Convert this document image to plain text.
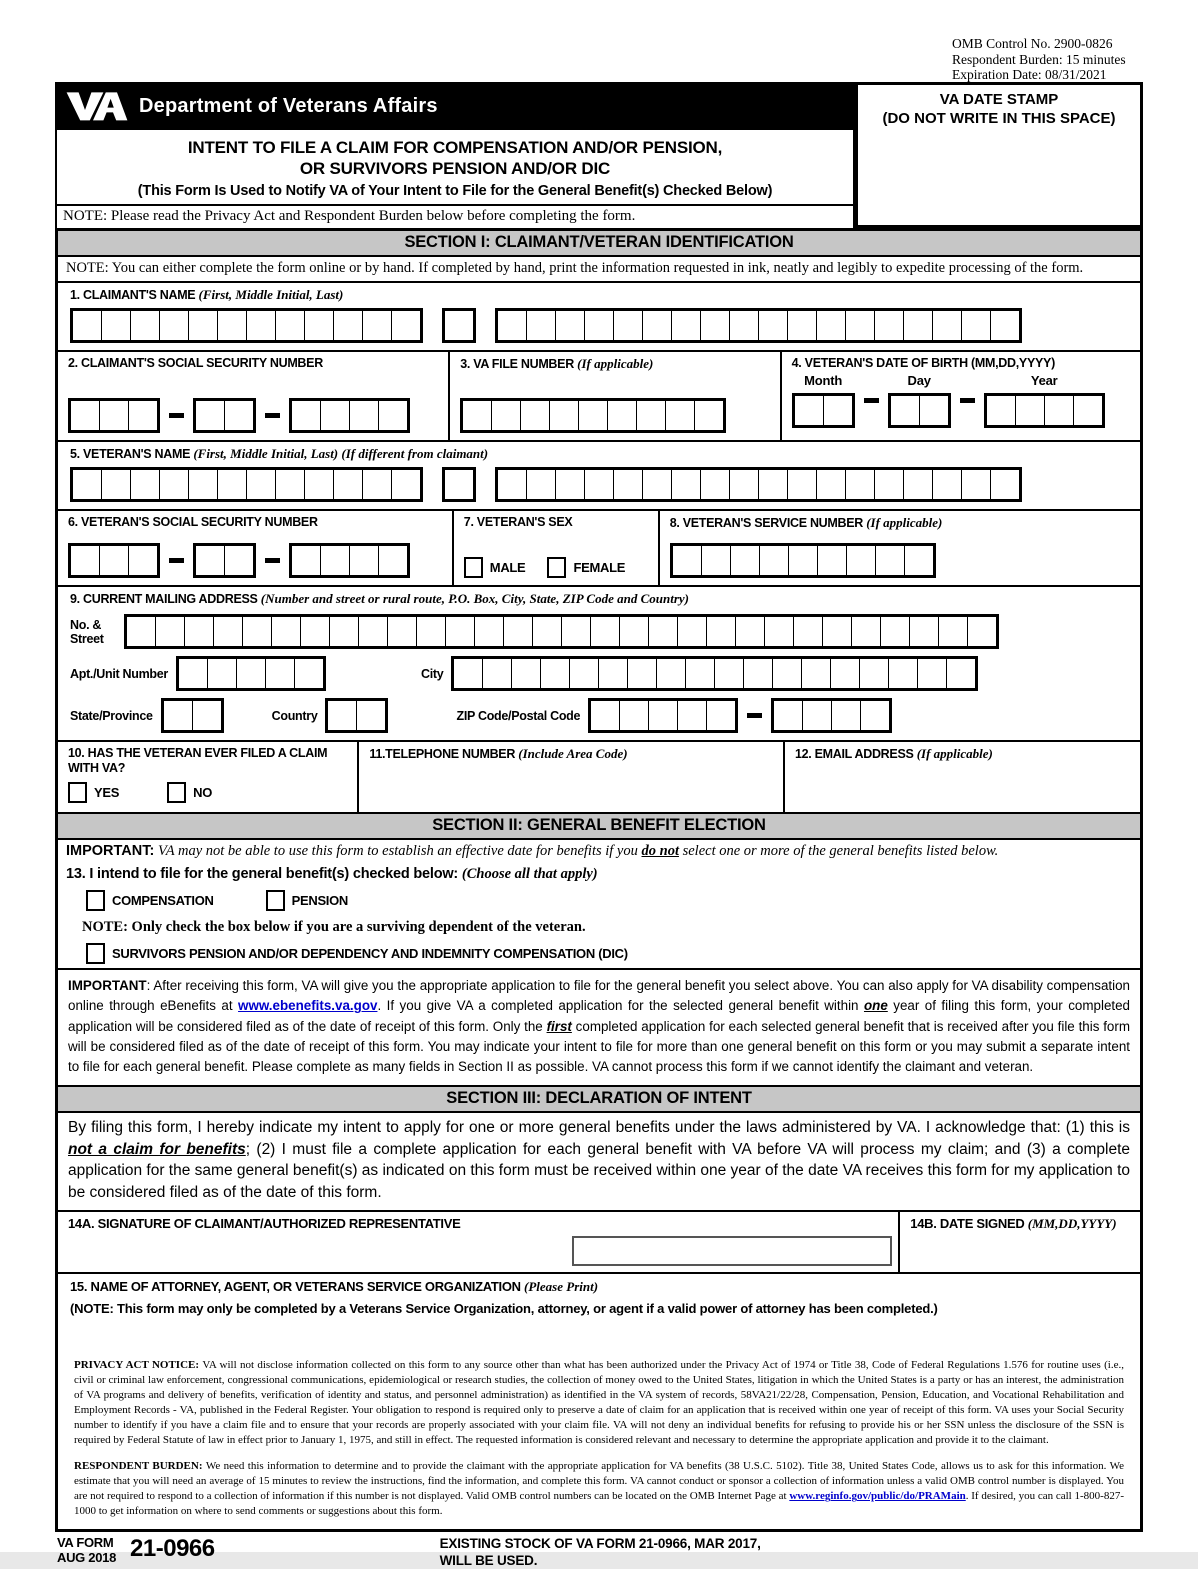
OMB Control No. 2900-0826
Respondent Burden: 15 minutes
Expiration Date: 08/31/2021
Department of Veterans Affairs
INTENT TO FILE A CLAIM FOR COMPENSATION AND/OR PENSION,
OR SURVIVORS PENSION AND/OR DIC
(This Form Is Used to Notify VA of Your Intent to File for the General Benefit(s) Checked Below)
NOTE: Please read the Privacy Act and Respondent Burden below before completing the form.
VA DATE STAMP
(DO NOT WRITE IN THIS SPACE)
SECTION I: CLAIMANT/VETERAN IDENTIFICATION
NOTE: You can either complete the form online or by hand. If completed by hand, print the information requested in ink, neatly and legibly to expedite processing of the form.
1. CLAIMANT'S NAME (First, Middle Initial, Last)
2. CLAIMANT'S SOCIAL SECURITY NUMBER	3. VA FILE NUMBER (If applicable)	4. VETERAN'S DATE OF BIRTH (MM,DD,YYYY)
Month	Day	Year
5. VETERAN'S NAME (First, Middle Initial, Last) (If different from claimant)
6. VETERAN'S SOCIAL SECURITY NUMBER	7. VETERAN'S SEX
MALE	FEMALE
8. VETERAN'S SERVICE NUMBER (If applicable)
9. CURRENT MAILING ADDRESS (Number and street or rural route, P.O. Box, City, State, ZIP Code and Country)
No. &
Street
Apt./Unit Number	City
State/Province	Country	ZIP Code/Postal Code
10. HAS THE VETERAN EVER FILED A CLAIM WITH VA?
YES	NO
11.TELEPHONE NUMBER (Include Area Code)	12. EMAIL ADDRESS (If applicable)
SECTION II: GENERAL BENEFIT ELECTION
IMPORTANT: VA may not be able to use this form to establish an effective date for benefits if you do not select one or more of the general benefits listed below.
13. I intend to file for the general benefit(s) checked below: (Choose all that apply)
COMPENSATION	PENSION
NOTE: Only check the box below if you are a surviving dependent of the veteran.
SURVIVORS PENSION AND/OR DEPENDENCY AND INDEMNITY COMPENSATION (DIC)
IMPORTANT: After receiving this form, VA will give you the appropriate application to file for the general benefit you select above. You can also apply for VA disability compensation online through eBenefits at www.ebenefits.va.gov. If you give VA a completed application for the selected general benefit within one year of filing this form, your completed application will be considered filed as of the date of receipt of this form. Only the first completed application for each selected general benefit that is received after you file this form will be considered filed as of the date of receipt of this form. You may indicate your intent to file for more than one general benefit on this form or you may submit a separate intent to file for each general benefit. Please complete as many fields in Section II as possible. VA cannot process this form if we cannot identify the claimant and veteran.
SECTION III: DECLARATION OF INTENT
By filing this form, I hereby indicate my intent to apply for one or more general benefits under the laws administered by VA. I acknowledge that: (1) this is not a claim for benefits; (2) I must file a complete application for each general benefit with VA before VA will process my claim; and (3) a complete application for the same general benefit(s) as indicated on this form must be received within one year of the date VA receives this form for my application to be considered filed as of the date of this form.
14A. SIGNATURE OF CLAIMANT/AUTHORIZED REPRESENTATIVE	14B. DATE SIGNED (MM,DD,YYYY)
15. NAME OF ATTORNEY, AGENT, OR VETERANS SERVICE ORGANIZATION (Please Print)
(NOTE: This form may only be completed by a Veterans Service Organization, attorney, or agent if a valid power of attorney has been completed.)
PRIVACY ACT NOTICE: VA will not disclose information collected on this form to any source other than what has been authorized under the Privacy Act of 1974 or Title 38, Code of Federal Regulations 1.576 for routine uses (i.e., civil or criminal law enforcement, congressional communications, epidemiological or research studies, the collection of money owed to the United States, litigation in which the United States is a party or has an interest, the administration of VA programs and delivery of benefits, verification of identity and status, and personnel administration) as identified in the VA system of records, 58VA21/22/28, Compensation, Pension, Education, and Vocational Rehabilitation and Employment Records - VA, published in the Federal Register. Your obligation to respond is required only to preserve a date of claim for an application that is received within one year of receipt of this form. VA uses your Social Security number to identify if you have a claim file and to ensure that your records are properly associated with your claim file. VA will not deny an individual benefits for refusing to provide his or her SSN unless the disclosure of the SSN is required by Federal Statute of law in effect prior to January 1, 1975, and still in effect. The requested information is considered relevant and necessary to determine the appropriate application and provide it to the claimant.
RESPONDENT BURDEN: We need this information to determine and to provide the claimant with the appropriate application for VA benefits (38 U.S.C. 5102). Title 38, United States Code, allows us to ask for this information. We estimate that you will need an average of 15 minutes to review the instructions, find the information, and complete this form. VA cannot conduct or sponsor a collection of information unless a valid OMB control number is displayed. You are not required to respond to a collection of information if this number is not displayed. Valid OMB control numbers can be located on the OMB Internet Page at www.reginfo.gov/public/do/PRAMain. If desired, you can call 1-800-827-1000 to get information on where to send comments or suggestions about this form.
VA FORM
AUG 2018 21-0966	EXISTING STOCK OF VA FORM 21-0966, MAR 2017,
WILL BE USED.
